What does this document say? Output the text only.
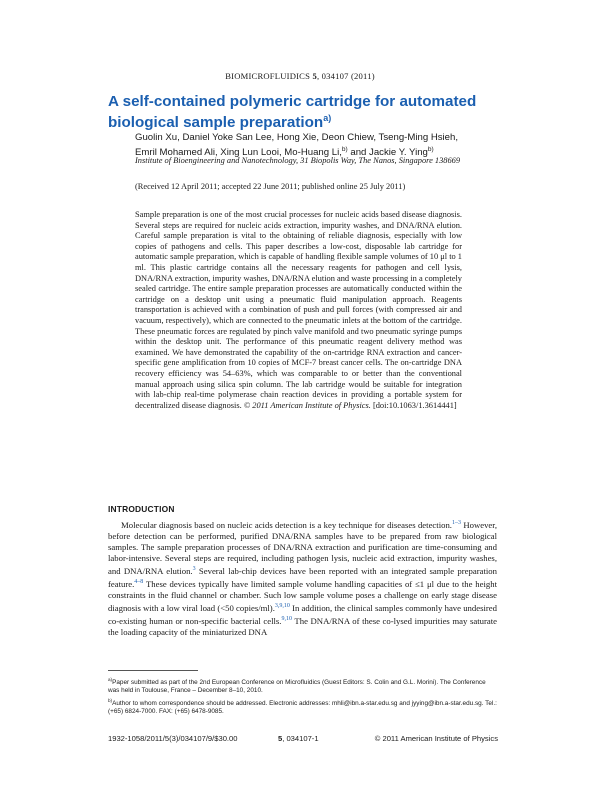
BIOMICROFLUIDICS 5, 034107 (2011)
A self-contained polymeric cartridge for automated biological sample preparation$^{a)}$
Guolin Xu, Daniel Yoke San Lee, Hong Xie, Deon Chiew, Tseng-Ming Hsieh,
Emril Mohamed Ali, Xing Lun Looi, Mo-Huang Li,$^{b)}$ and Jackie Y. Ying$^{b)}$
Institute of Bioengineering and Nanotechnology, 31 Biopolis Way, The Nanos, Singapore 138669
(Received 12 April 2011; accepted 22 June 2011; published online 25 July 2011)

Sample preparation is one of the most crucial processes for nucleic acids based disease diagnosis. Several steps are required for nucleic acids extraction, impurity washes, and DNA/RNA elution. Careful sample preparation is vital to the obtaining of reliable diagnosis, especially with low copies of pathogens and cells. This paper describes a low-cost, disposable lab cartridge for automatic sample preparation, which is capable of handling flexible sample volumes of 10 μl to 1 ml. This plastic cartridge contains all the necessary reagents for pathogen and cell lysis, DNA/RNA extraction, impurity washes, DNA/RNA elution and waste processing in a completely sealed cartridge. The entire sample preparation processes are automatically conducted within the cartridge on a desktop unit using a pneumatic fluid manipulation approach. Reagents transportation is achieved with a combination of push and pull forces (with compressed air and vacuum, respectively), which are connected to the pneumatic inlets at the bottom of the cartridge. These pneumatic forces are regulated by pinch valve manifold and two pneumatic syringe pumps within the desktop unit. The performance of this pneumatic reagent delivery method was examined. We have demonstrated the capability of the on-cartridge RNA extraction and cancer-specific gene amplification from 10 copies of MCF-7 breast cancer cells. The on-cartridge DNA recovery efficiency was 54–63%, which was comparable to or better than the conventional manual approach using silica spin column. The lab cartridge would be suitable for integration with lab-chip real-time polymerase chain reaction devices in providing a portable system for decentralized disease diagnosis. © 2011 American Institute of Physics. [doi:10.1063/1.3614441]

INTRODUCTION

Molecular diagnosis based on nucleic acids detection is a key technique for diseases detection.$^{1-3}$ However, before detection can be performed, purified DNA/RNA samples have to be prepared from raw biological samples. The sample preparation processes of DNA/RNA extraction and purification are time-consuming and labor-intensive. Several steps are required, including pathogen lysis, nucleic acid extraction, impurity washes, and DNA/RNA elution.$^3$ Several lab-chip devices have been reported with an integrated sample preparation feature.$^{4-8}$ These devices typically have limited sample volume handling capacities of ≤1 μl due to the height constraints in the fluid channel or chamber. Such low sample volume poses a challenge on early stage disease diagnosis with a low viral load (<50 copies/ml).$^{3,9,10}$ In addition, the clinical samples commonly have undesired co-existing human or non-specific bacterial cells.$^{9,10}$ The DNA/RNA of these co-lysed impurities may saturate the loading capacity of the miniaturized DNA

$^{a)}$Paper submitted as part of the 2nd European Conference on Microfluidics (Guest Editors: S. Colin and G.L. Morini). The Conference was held in Toulouse, France – December 8–10, 2010.

$^{b)}$Author to whom correspondence should be addressed. Electronic addresses: mhli@ibn.a-star.edu.sg and jyying@ibn.a-star.edu.sg. Tel.: (+65) 6824-7000. FAX: (+65) 6478-9085.

1932-1058/2011/5(3)/034107/9/$30.00	5, 034107-1	© 2011 American Institute of Physics
